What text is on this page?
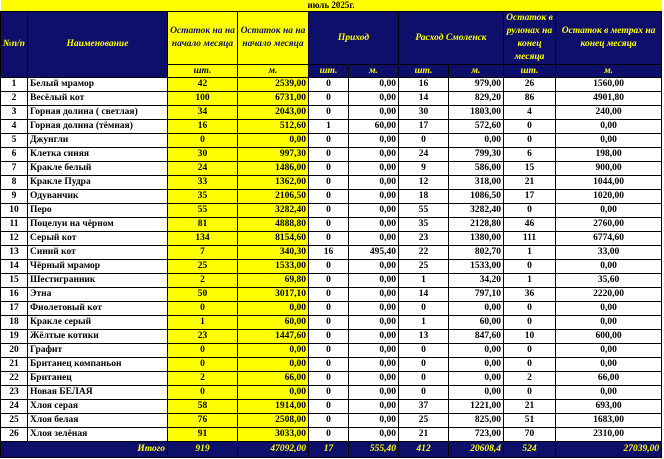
июль 2025г.									
№п/п	Наименование	Остаток на на начало месяца	Остаток на на начало месяца	Приход		Расход Смоленск		Остаток в рулонах на конец месяца	Остаток в метрах на конец месяца
		шт.	м.	шт.	м.	шт.	м.	шт.	м.
1	Белый мрамор	42	2539,00	0	0,00	16	979,00	26	1560,00
2	Весёлый кот	100	6731,00	0	0,00	14	829,20	86	4901,80
3	Горная долина ( светлая)	34	2043,00	0	0,00	30	1803,00	4	240,00
4	Горная долина (тёмная)	16	512,60	1	60,00	17	572,60	0	0,00
5	Джунгли	0	0,00	0	0,00	0	0,00	0	0,00
6	Клетка синяя	30	997,30	0	0,00	24	799,30	6	198,00
7	Кракле белый	24	1486,00	0	0,00	9	586,00	15	900,00
8	Кракле Пудра	33	1362,00	0	0,00	12	318,00	21	1044,00
9	Одуванчик	35	2106,50	0	0,00	18	1086,50	17	1020,00
10	Перо	55	3282,40	0	0,00	55	3282,40	0	0,00
11	Поцелуи на чёрном	81	4888,80	0	0,00	35	2128,80	46	2760,00
12	Серый кот	134	8154,60	0	0,00	23	1380,00	111	6774,60
13	Синий кот	7	340,30	16	495,40	22	802,70	1	33,00
14	Чёрный мрамор	25	1533,00	0	0,00	25	1533,00	0	0,00
15	Шестигранник	2	69,80	0	0,00	1	34,20	1	35,60
16	Этна	50	3017,10	0	0,00	14	797,10	36	2220,00
17	Фиолетовый кот	0	0,00	0	0,00	0	0,00	0	0,00
18	Кракле серый	1	60,00	0	0,00	1	60,00	0	0,00
19	Жёлтые котики	23	1447,60	0	0,00	13	847,60	10	600,00
20	Графит	0	0,00	0	0,00	0	0,00	0	0,00
21	Британец компаньон	0	0,00	0	0,00	0	0,00	0	0,00
22	Британец	2	66,00	0	0,00	0	0,00	2	66,00
23	Новая БЕЛАЯ	0	0,00	0	0,00	0	0,00	0	0,00
24	Хлоя серая	58	1914,00	0	0,00	37	1221,00	21	693,00
25	Хлоя белая	76	2508,00	0	0,00	25	825,00	51	1683,00
26	Хлоя зелёная	91	3033,00	0	0,00	21	723,00	70	2310,00
Итого		919	47092,00	17	555,40	412	20608,4	524	27039,00
